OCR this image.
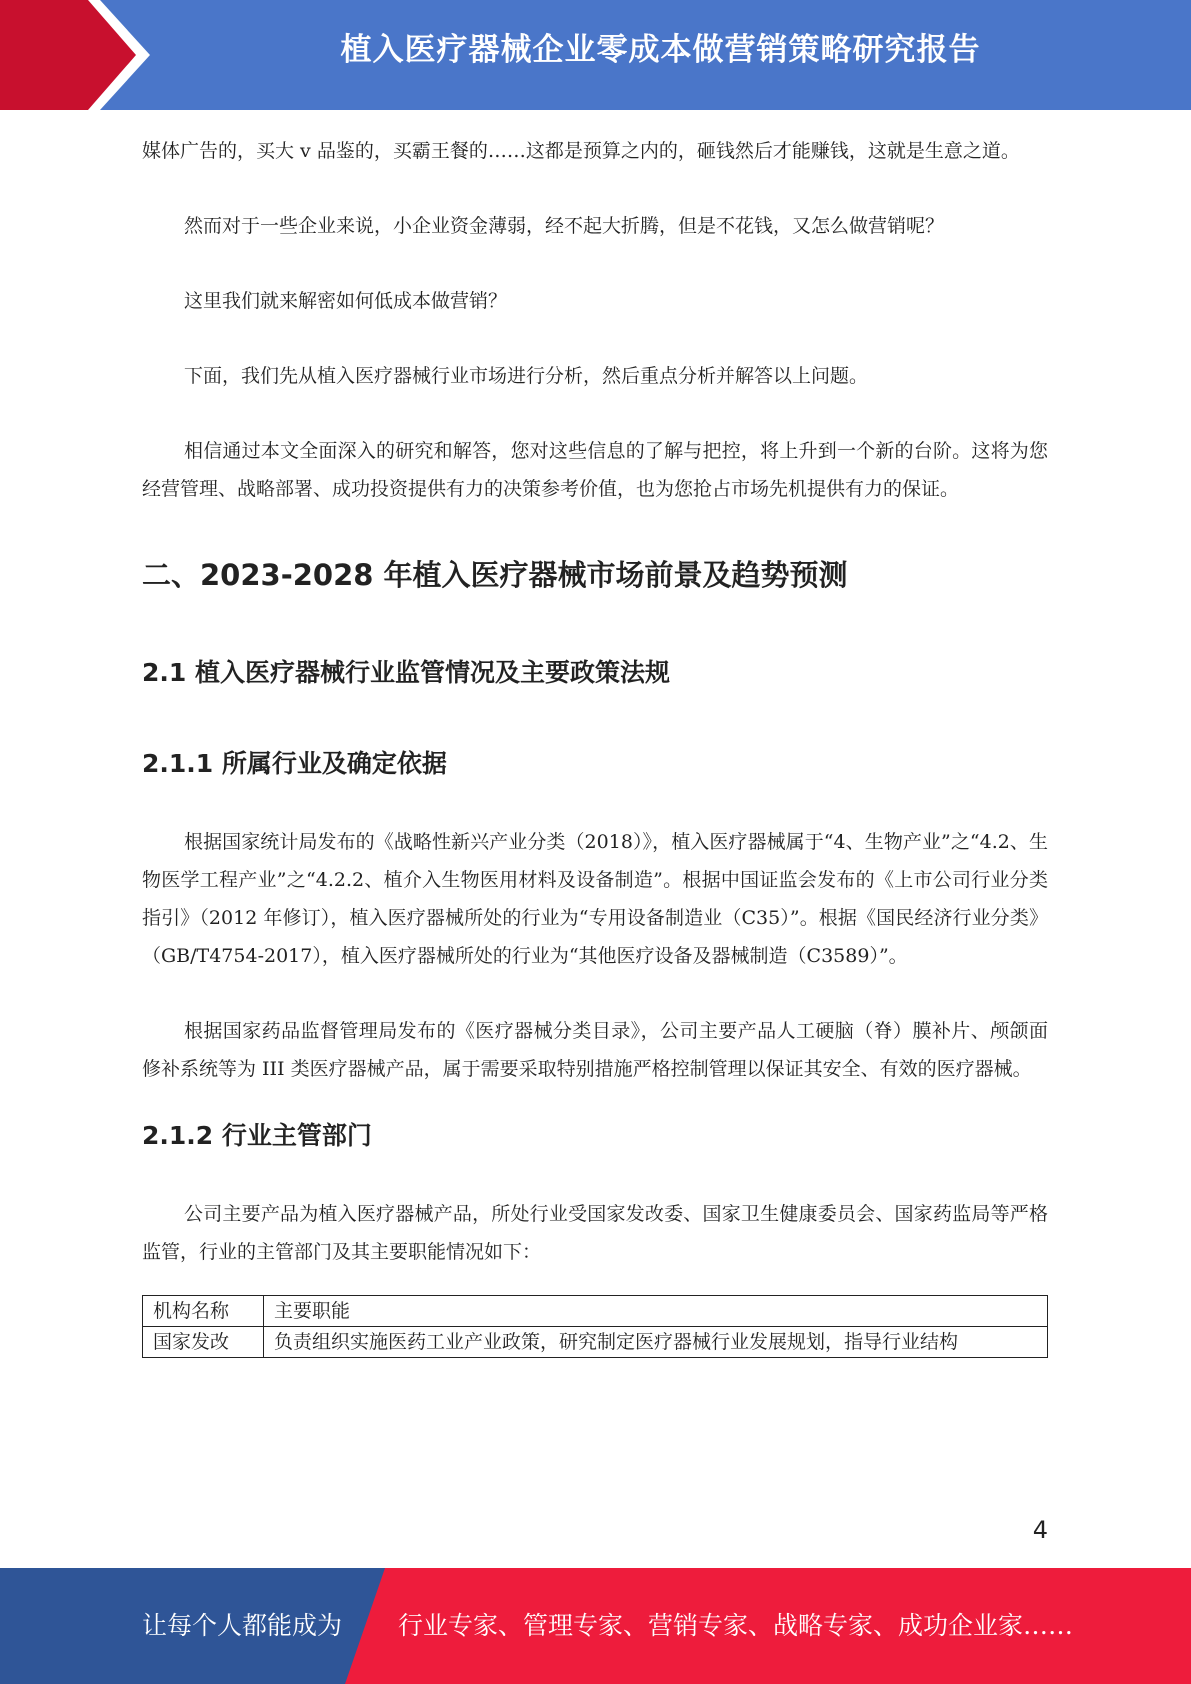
植入医疗器械企业零成本做营销策略研究报告

媒体广告的，买大 v 品鉴的，买霸王餐的……这都是预算之内的，砸钱然后才能赚钱，这就是生意之道。

然而对于一些企业来说，小企业资金薄弱，经不起大折腾，但是不花钱，又怎么做营销呢？

这里我们就来解密如何低成本做营销？

下面，我们先从植入医疗器械行业市场进行分析，然后重点分析并解答以上问题。

相信通过本文全面深入的研究和解答，您对这些信息的了解与把控，将上升到一个新的台阶。这将为您经营管理、战略部署、成功投资提供有力的决策参考价值，也为您抢占市场先机提供有力的保证。

二、2023-2028 年植入医疗器械市场前景及趋势预测
2.1 植入医疗器械行业监管情况及主要政策法规
2.1.1 所属行业及确定依据

根据国家统计局发布的《战略性新兴产业分类（2018）》，植入医疗器械属于“4、生物产业”之“4.2、生物医学工程产业”之“4.2.2、植介入生物医用材料及设备制造”。根据中国证监会发布的《上市公司行业分类指引》（2012 年修订），植入医疗器械所处的行业为“专用设备制造业（C35）”。根据《国民经济行业分类》（GB/T4754-2017），植入医疗器械所处的行业为“其他医疗设备及器械制造（C3589）”。

根据国家药品监督管理局发布的《医疗器械分类目录》，公司主要产品人工硬脑（脊）膜补片、颅颌面修补系统等为 III 类医疗器械产品，属于需要采取特别措施严格控制管理以保证其安全、有效的医疗器械。

2.1.2 行业主管部门

公司主要产品为植入医疗器械产品，所处行业受国家发改委、国家卫生健康委员会、国家药监局等严格监管，行业的主管部门及其主要职能情况如下：

机构名称	主要职能
国家发改	负责组织实施医药工业产业政策，研究制定医疗器械行业发展规划，指导行业结构
4
让每个人都能成为 行业专家、管理专家、营销专家、战略专家、成功企业家……
